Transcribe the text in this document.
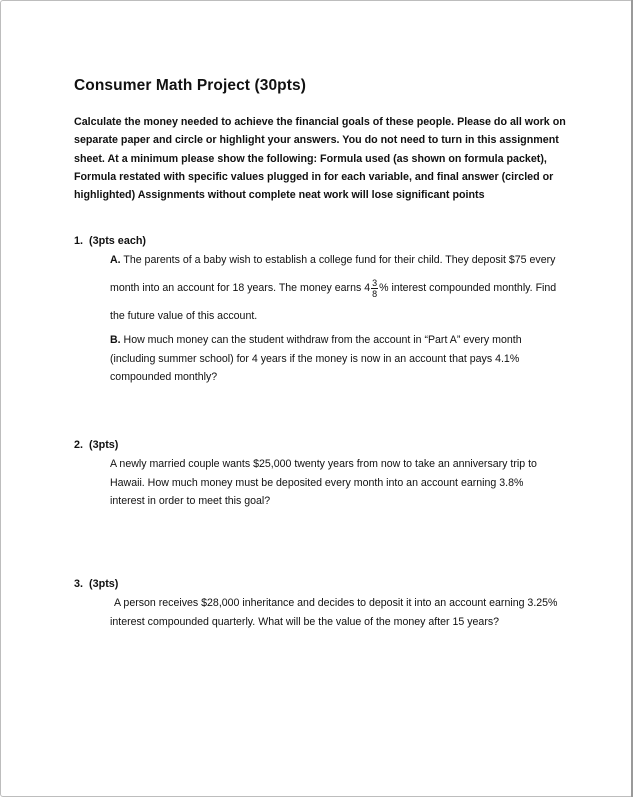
Consumer Math Project (30pts)

Calculate the money needed to achieve the financial goals of these people. Please do all work on separate paper and circle or highlight your answers. You do not need to turn in this assignment sheet. At a minimum please show the following: Formula used (as shown on formula packet), Formula restated with specific values plugged in for each variable, and final answer (circled or highlighted) Assignments without complete neat work will lose significant points

1. (3pts each)

A. The parents of a baby wish to establish a college fund for their child. They deposit $75 every month into an account for 18 years. The money earns $4 \frac{3}{8}$ % interest compounded monthly. Find the future value of this account.

B. How much money can the student withdraw from the account in “Part A” every month (including summer school) for 4 years if the money is now in an account that pays 4.1% compounded monthly?

2. (3pts)

A newly married couple wants $25,000 twenty years from now to take an anniversary trip to Hawaii. How much money must be deposited every month into an account earning 3.8% interest in order to meet this goal?

3. (3pts)

A person receives $28,000 inheritance and decides to deposit it into an account earning 3.25% interest compounded quarterly. What will be the value of the money after 15 years?
